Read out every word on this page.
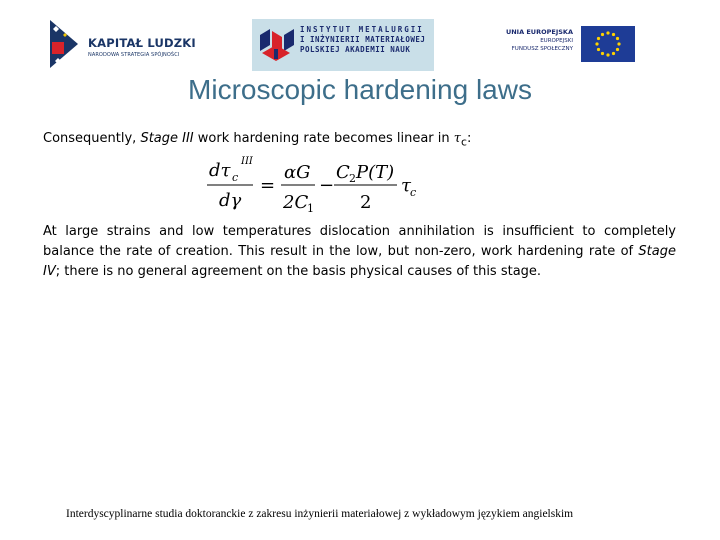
KAPITAŁ LUDZKI
NARODOWA STRATEGIA SPÓJNOŚCI
INSTYTUT METALURGII
I INŻYNIERII MATERIAŁOWEJ
POLSKIEJ AKADEMII NAUK
UNIA EUROPEJSKA
EUROPEJSKI
FUNDUSZ SPOŁECZNY
Microscopic hardening laws
Consequently, Stage III work hardening rate becomes linear in $\tau_c$:
dτ c
III
dγ
=
αG
2C
1
−
C 2 P(T)
2
τ c
At large strains and low temperatures dislocation annihilation is insufficient to completely balance the rate of creation. This result in the low, but non-zero, work hardening rate of Stage IV; there is no general agreement on the basis physical causes of this stage.
Interdyscyplinarne studia doktoranckie z zakresu inżynierii materiałowej z wykładowym językiem angielskim
